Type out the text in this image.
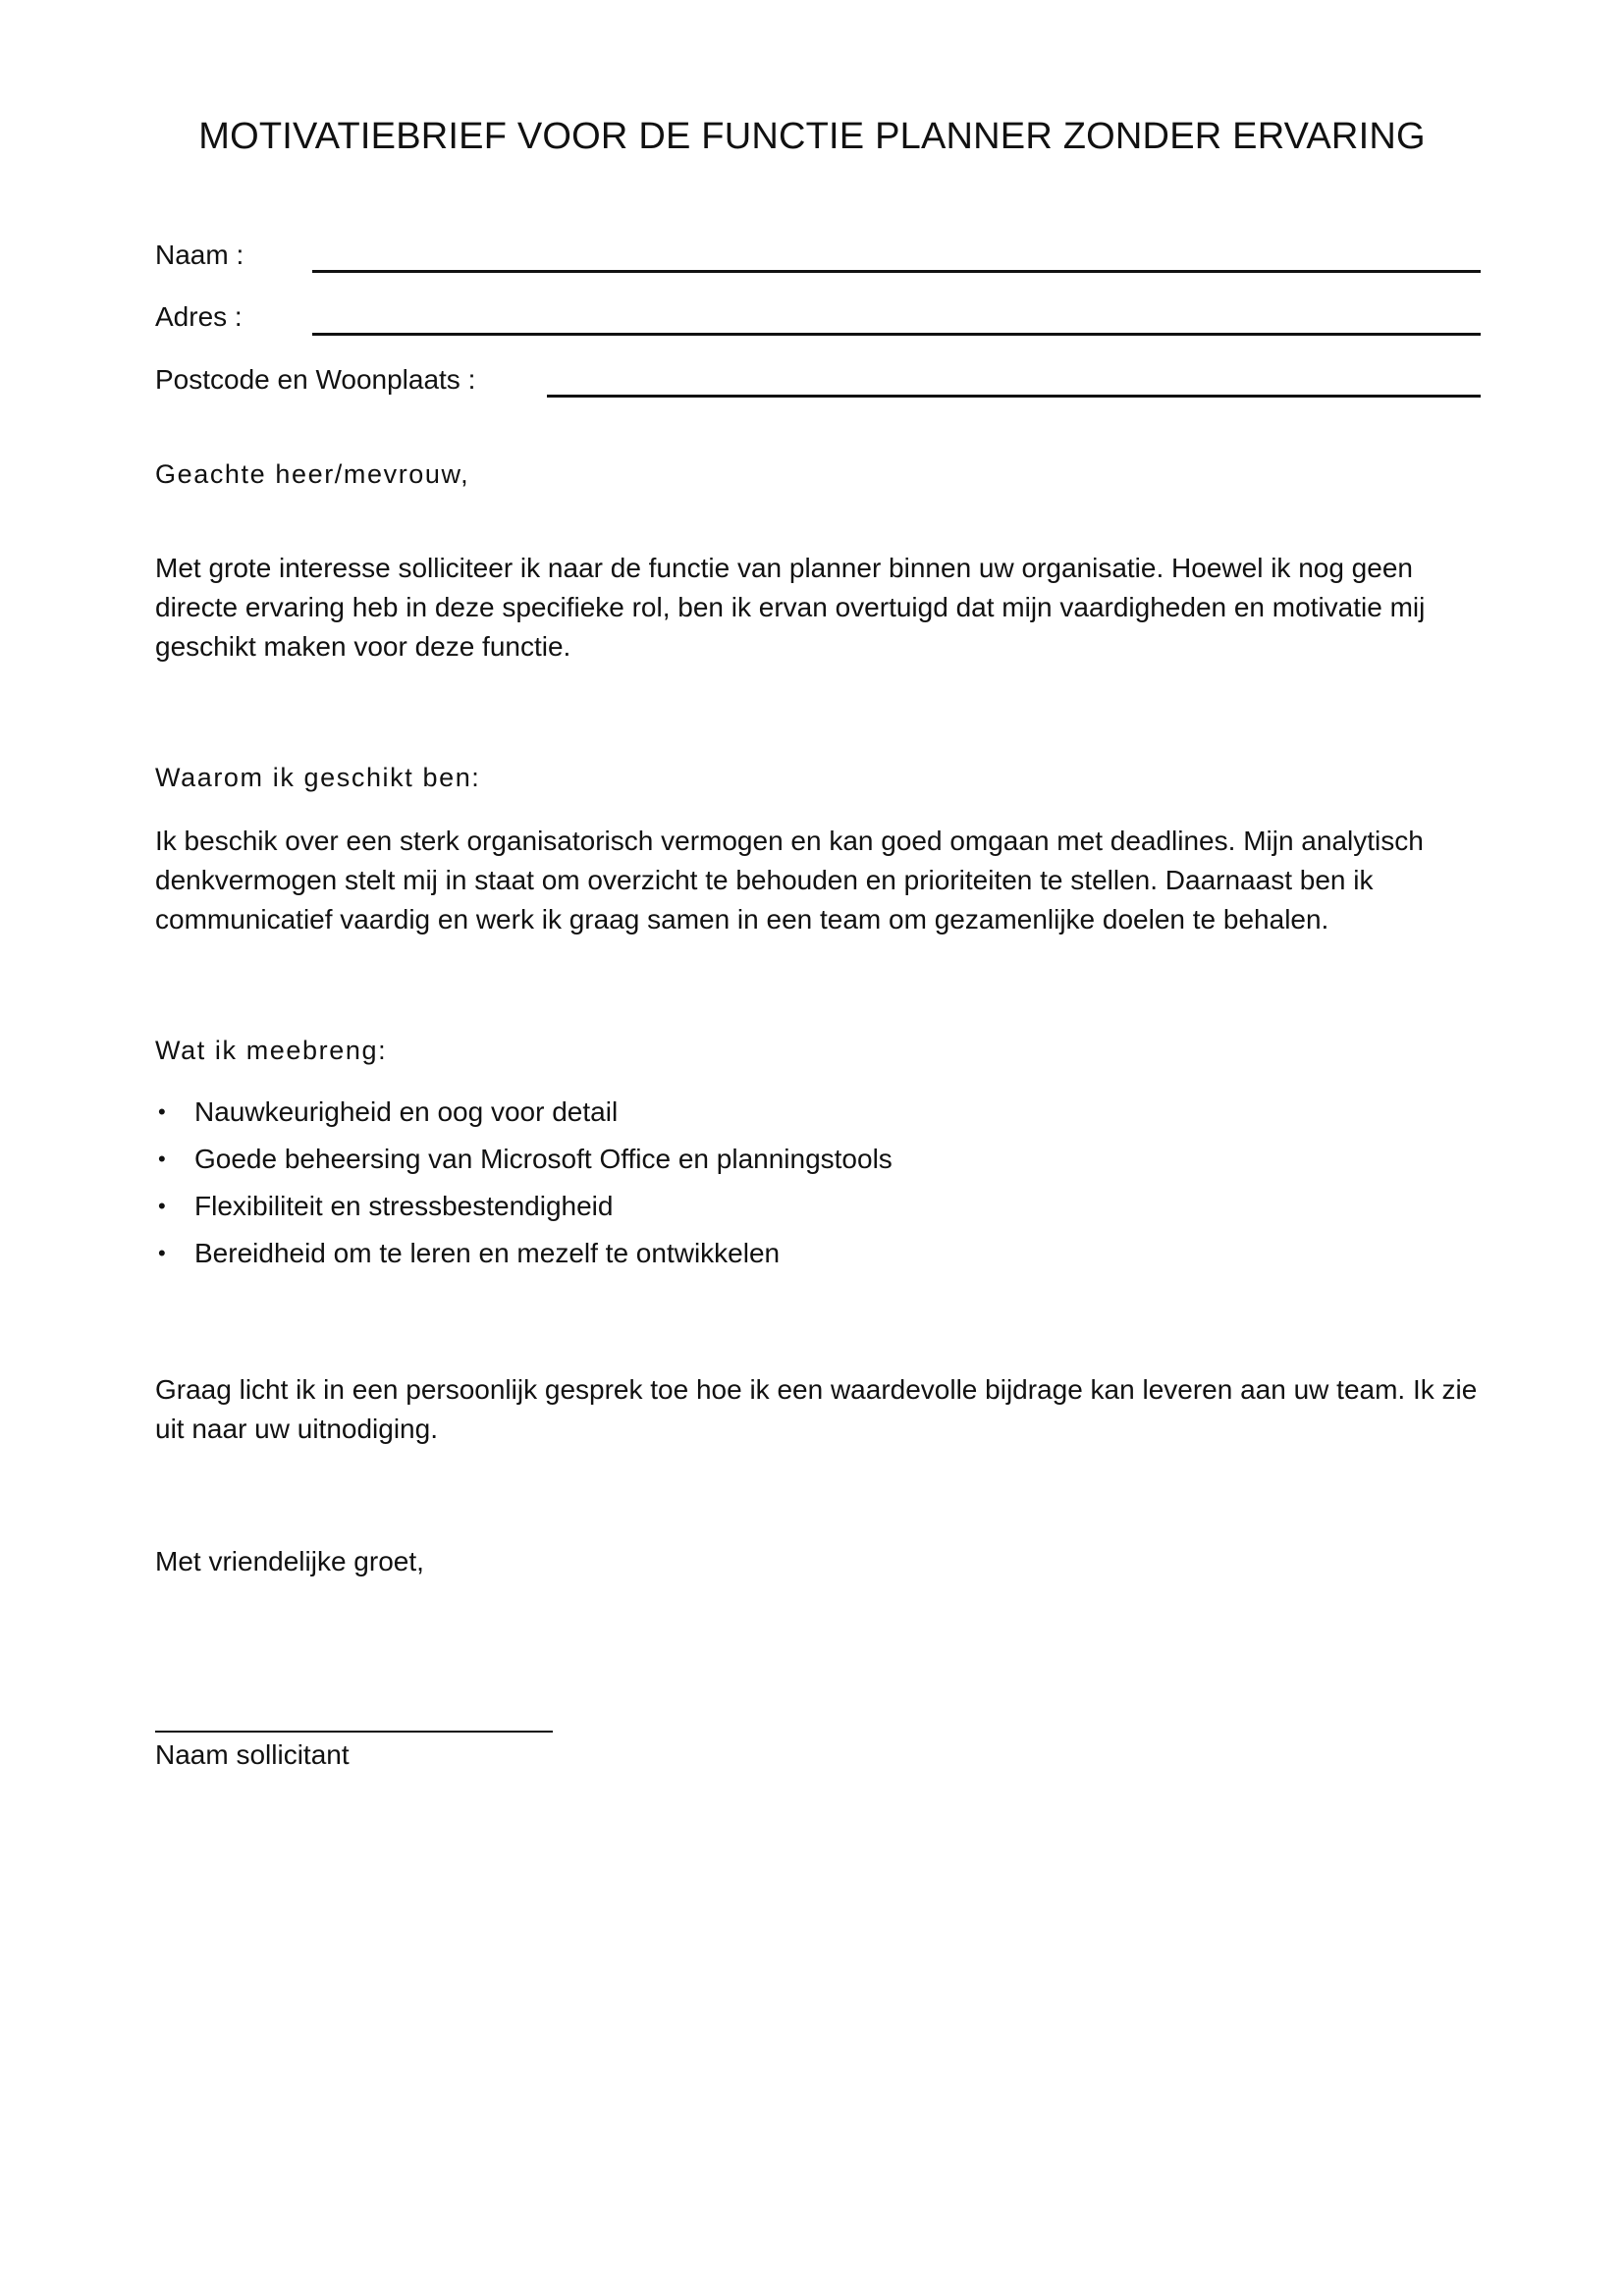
MOTIVATIEBRIEF VOOR DE FUNCTIE PLANNER ZONDER ERVARING
Naam :
Adres :
Postcode en Woonplaats :
Geachte heer/mevrouw,

Met grote interesse solliciteer ik naar de functie van planner binnen uw organisatie. Hoewel ik nog geen directe ervaring heb in deze specifieke rol, ben ik ervan overtuigd dat mijn vaardigheden en motivatie mij geschikt maken voor deze functie.

Waarom ik geschikt ben:

Ik beschik over een sterk organisatorisch vermogen en kan goed omgaan met deadlines. Mijn analytisch denkvermogen stelt mij in staat om overzicht te behouden en prioriteiten te stellen. Daarnaast ben ik communicatief vaardig en werk ik graag samen in een team om gezamenlijke doelen te behalen.

Wat ik meebreng:
• Nauwkeurigheid en oog voor detail
• Goede beheersing van Microsoft Office en planningstools
• Flexibiliteit en stressbestendigheid
• Bereidheid om te leren en mezelf te ontwikkelen

Graag licht ik in een persoonlijk gesprek toe hoe ik een waardevolle bijdrage kan leveren aan uw team. Ik zie uit naar uw uitnodiging.

Met vriendelijke groet,
Naam sollicitant
